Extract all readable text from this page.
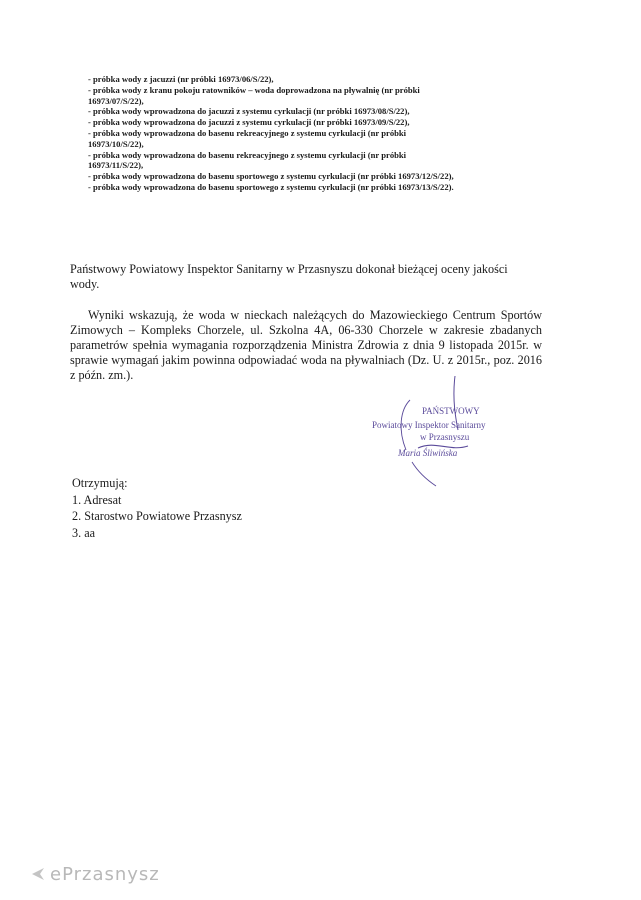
- próbka wody z jacuzzi (nr próbki 16973/06/S/22),

- próbka wody z kranu pokoju ratowników – woda doprowadzona na pływalnię (nr próbki

16973/07/S/22),

- próbka wody wprowadzona do jacuzzi z systemu cyrkulacji (nr próbki 16973/08/S/22),

- próbka wody wprowadzona do jacuzzi z systemu cyrkulacji (nr próbki 16973/09/S/22),

- próbka wody wprowadzona do basenu rekreacyjnego z systemu cyrkulacji (nr próbki

16973/10/S/22),

- próbka wody wprowadzona do basenu rekreacyjnego z systemu cyrkulacji (nr próbki

16973/11/S/22),

- próbka wody wprowadzona do basenu sportowego z systemu cyrkulacji (nr próbki 16973/12/S/22),

- próbka wody wprowadzona do basenu sportowego z systemu cyrkulacji (nr próbki 16973/13/S/22).

Państwowy Powiatowy Inspektor Sanitarny w Przasnyszu dokonał bieżącej oceny jakości wody.

Wyniki wskazują, że woda w nieckach należących do Mazowieckiego Centrum Sportów Zimowych – Kompleks Chorzele, ul. Szkolna 4A, 06-330 Chorzele w zakresie zbadanych parametrów spełnia wymagania rozporządzenia Ministra Zdrowia z dnia 9 listopada 2015r. w sprawie wymagań jakim powinna odpowiadać woda na pływalniach (Dz. U. z 2015r., poz. 2016 z późn. zm.).

PAŃSTWOWY
Powiatowy Inspektor Sanitarny
w Przasnyszu
Maria Śliwińska
Otrzymują:
1. Adresat
2. Starostwo Powiatowe Przasnysz
3. aa
ePrzasnysz
